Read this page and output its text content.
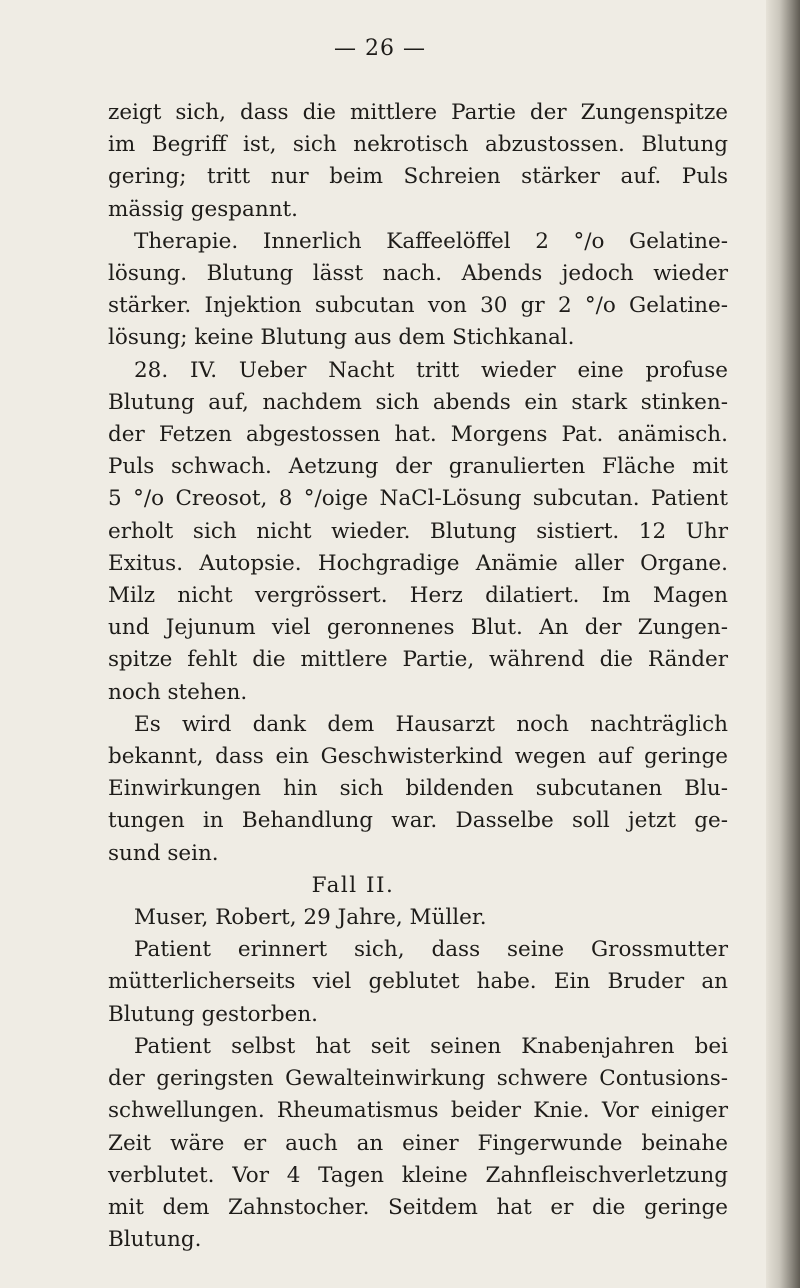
— 26 —
zeigt sich, dass die mittlere Partie der Zungenspitze
im Begriff ist, sich nekrotisch abzustossen. Blutung
gering; tritt nur beim Schreien stärker auf. Puls
mässig gespannt.
Therapie. Innerlich Kaffeelöffel 2 °/o Gelatine-
lösung. Blutung lässt nach. Abends jedoch wieder
stärker. Injektion subcutan von 30 gr 2 °/o Gelatine-
lösung; keine Blutung aus dem Stichkanal.
28. IV. Ueber Nacht tritt wieder eine profuse
Blutung auf, nachdem sich abends ein stark stinken-
der Fetzen abgestossen hat. Morgens Pat. anämisch.
Puls schwach. Aetzung der granulierten Fläche mit
5 °/o Creosot, 8 °/oige NaCl-Lösung subcutan. Patient
erholt sich nicht wieder. Blutung sistiert. 12 Uhr
Exitus. Autopsie. Hochgradige Anämie aller Organe.
Milz nicht vergrössert. Herz dilatiert. Im Magen
und Jejunum viel geronnenes Blut. An der Zungen-
spitze fehlt die mittlere Partie, während die Ränder
noch stehen.
Es wird dank dem Hausarzt noch nachträglich
bekannt, dass ein Geschwisterkind wegen auf geringe
Einwirkungen hin sich bildenden subcutanen Blu-
tungen in Behandlung war. Dasselbe soll jetzt ge-
sund sein.
Fall II.
Muser, Robert, 29 Jahre, Müller.
Patient erinnert sich, dass seine Grossmutter
mütterlicherseits viel geblutet habe. Ein Bruder an
Blutung gestorben.
Patient selbst hat seit seinen Knabenjahren bei
der geringsten Gewalteinwirkung schwere Contusions-
schwellungen. Rheumatismus beider Knie. Vor einiger
Zeit wäre er auch an einer Fingerwunde beinahe
verblutet. Vor 4 Tagen kleine Zahnfleischverletzung
mit dem Zahnstocher. Seitdem hat er die geringe
Blutung.
